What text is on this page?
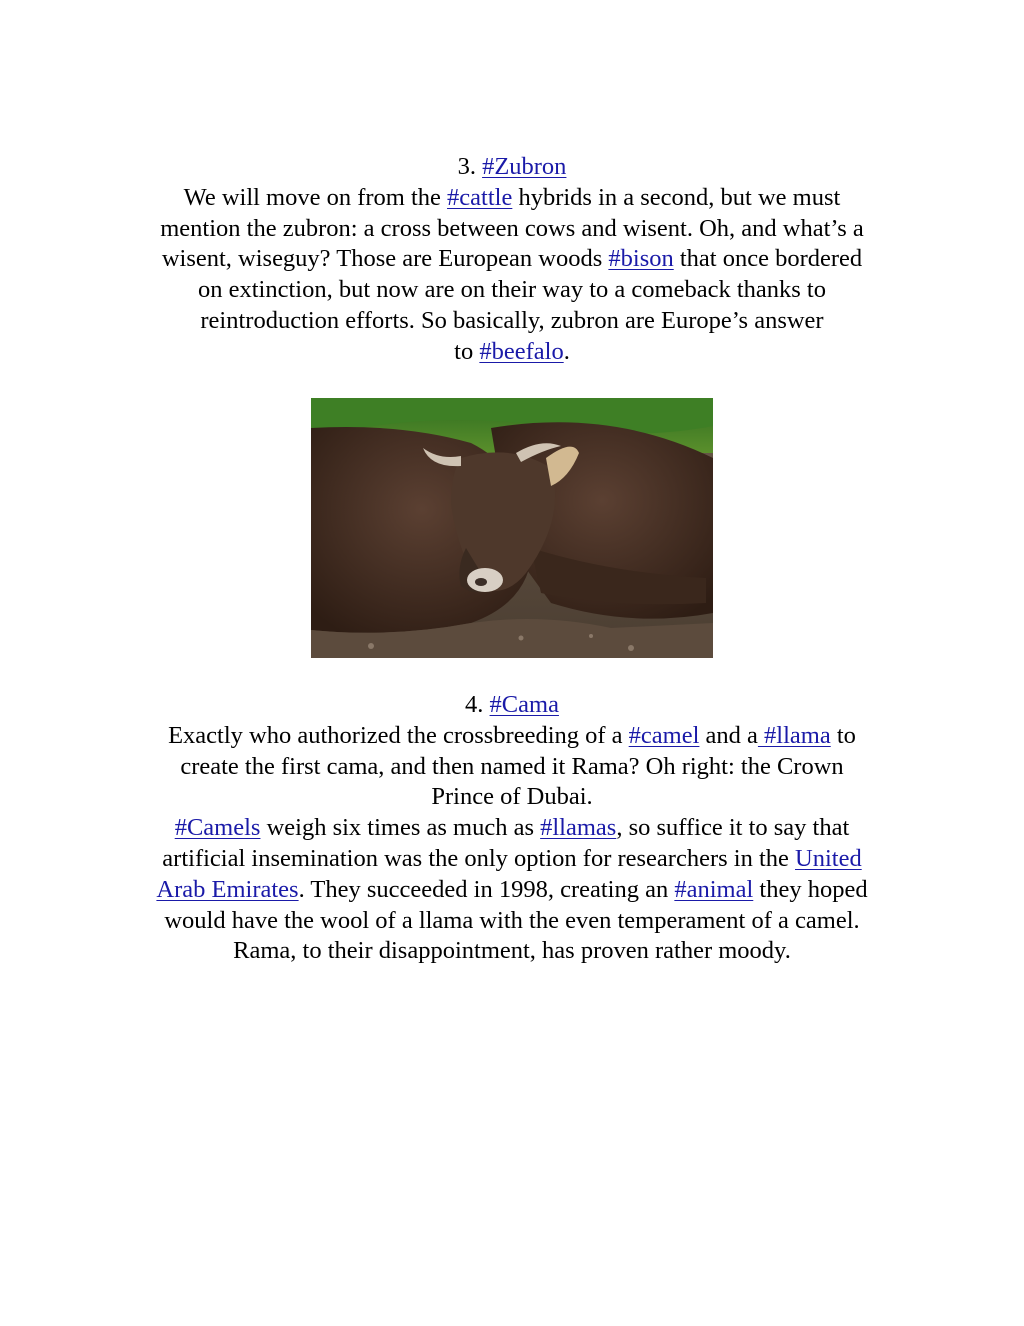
3. #Zubron
We will move on from the #cattle hybrids in a second, but we must
mention the zubron: a cross between cows and wisent. Oh, and what’s a
wisent, wiseguy? Those are European woods #bison that once bordered
on extinction, but now are on their way to a comeback thanks to
reintroduction efforts. So basically, zubron are Europe’s answer
to #beefalo.
4. #Cama
Exactly who authorized the crossbreeding of a #camel and a #llama to
create the first cama, and then named it Rama? Oh right: the Crown
Prince of Dubai.
#Camels weigh six times as much as #llamas, so suffice it to say that
artificial insemination was the only option for researchers in the United
Arab Emirates. They succeeded in 1998, creating an #animal they hoped
would have the wool of a llama with the even temperament of a camel.
Rama, to their disappointment, has proven rather moody.
